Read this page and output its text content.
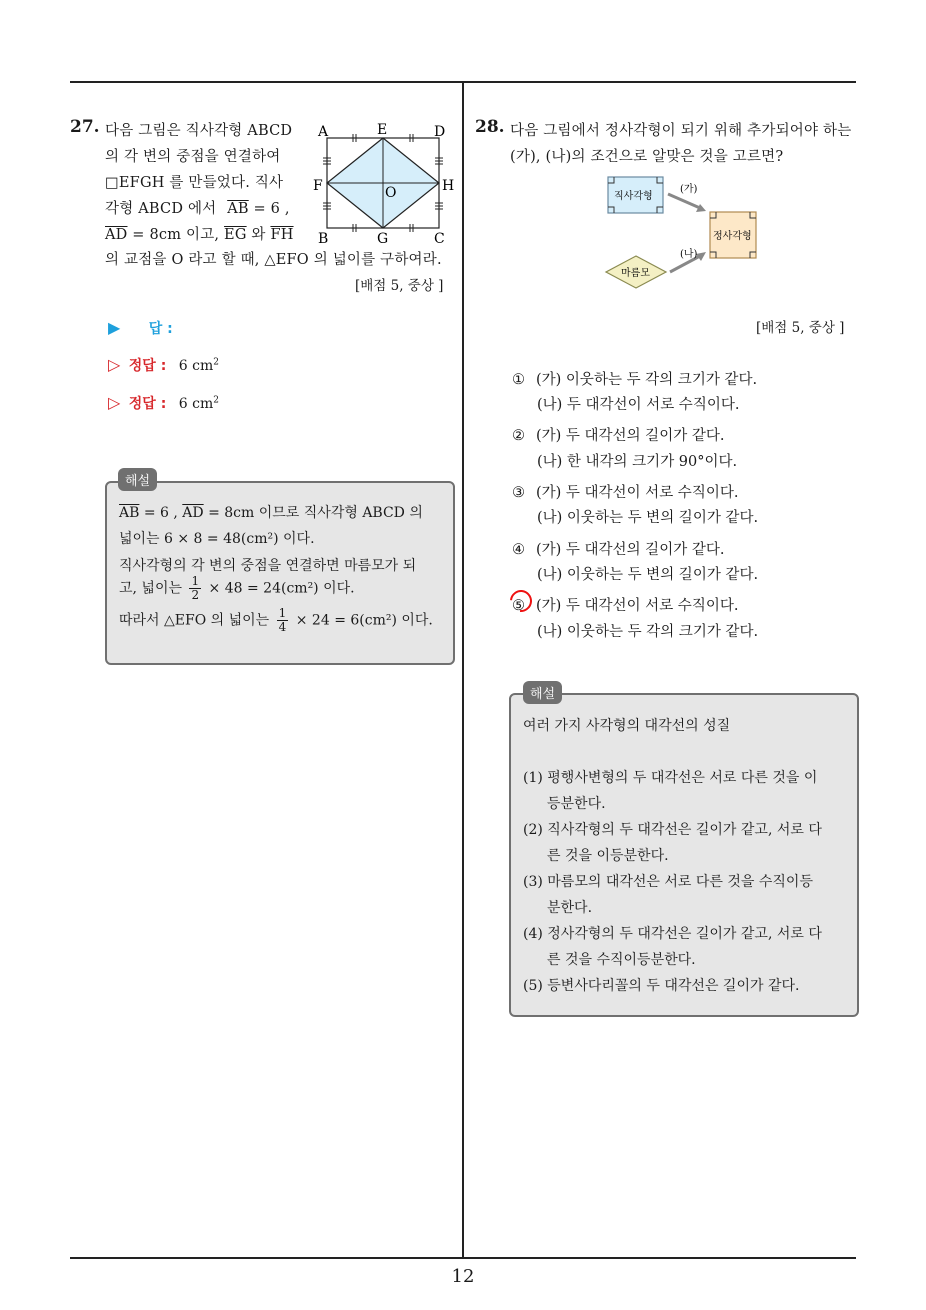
27. 다음 그림은 직사각형 ABCD
의 각 변의 중점을 연결하여
□EFGH 를 만들었다. 직사
각형 ABCD 에서 $\overline{AB} = 6$ ,
$\overline{AD} = 8cm$ 이고, $\overline{EG}$ 와 $\overline{FH}$
의 교점을 O 라고 할 때, △EFO 의 넓이를 구하여라.
[배점 5, 중상 ]
A	E	D
F	O	H
B	G	C
▶ 답 :
▷ 정답 : 6 $cm^2$
▷ 정답 : 6 $cm^2$
$\overline{AB} = 6$ , $\overline{AD} = 8cm$ 이므로 직사각형 ABCD 의
넓이는 6 × 8 = 48(cm²) 이다.
직사각형의 각 변의 중점을 연결하면 마름모가 되
고, 넓이는 $\frac{1}{2} \times 48 = 24(cm^2)$ 이다.
따라서 △EFO 의 넓이는 $\frac{1}{4} \times 24 = 6(cm^2)$ 이다.
해설
28. 다음 그림에서 정사각형이 되기 위해 추가되어야 하는
(가), (나)의 조건으로 알맞은 것을 고르면?
직사각형
정사각형
마름모
(가)
(나)
[배점 5, 중상 ]
① (가) 이웃하는 두 각의 크기가 같다.
(나) 두 대각선이 서로 수직이다.
② (가) 두 대각선의 길이가 같다.
(나) 한 내각의 크기가 90°이다.
③ (가) 두 대각선이 서로 수직이다.
(나) 이웃하는 두 변의 길이가 같다.
④ (가) 두 대각선의 길이가 같다.
(나) 이웃하는 두 변의 길이가 같다.
⑤ (가) 두 대각선이 서로 수직이다.
(나) 이웃하는 두 각의 크기가 같다.
여러 가지 사각형의 대각선의 성질
(1) 평행사변형의 두 대각선은 서로 다른 것을 이
등분한다.
(2) 직사각형의 두 대각선은 길이가 같고, 서로 다
른 것을 이등분한다.
(3) 마름모의 대각선은 서로 다른 것을 수직이등
분한다.
(4) 정사각형의 두 대각선은 길이가 같고, 서로 다
른 것을 수직이등분한다.
(5) 등변사다리꼴의 두 대각선은 길이가 같다.
해설
12
